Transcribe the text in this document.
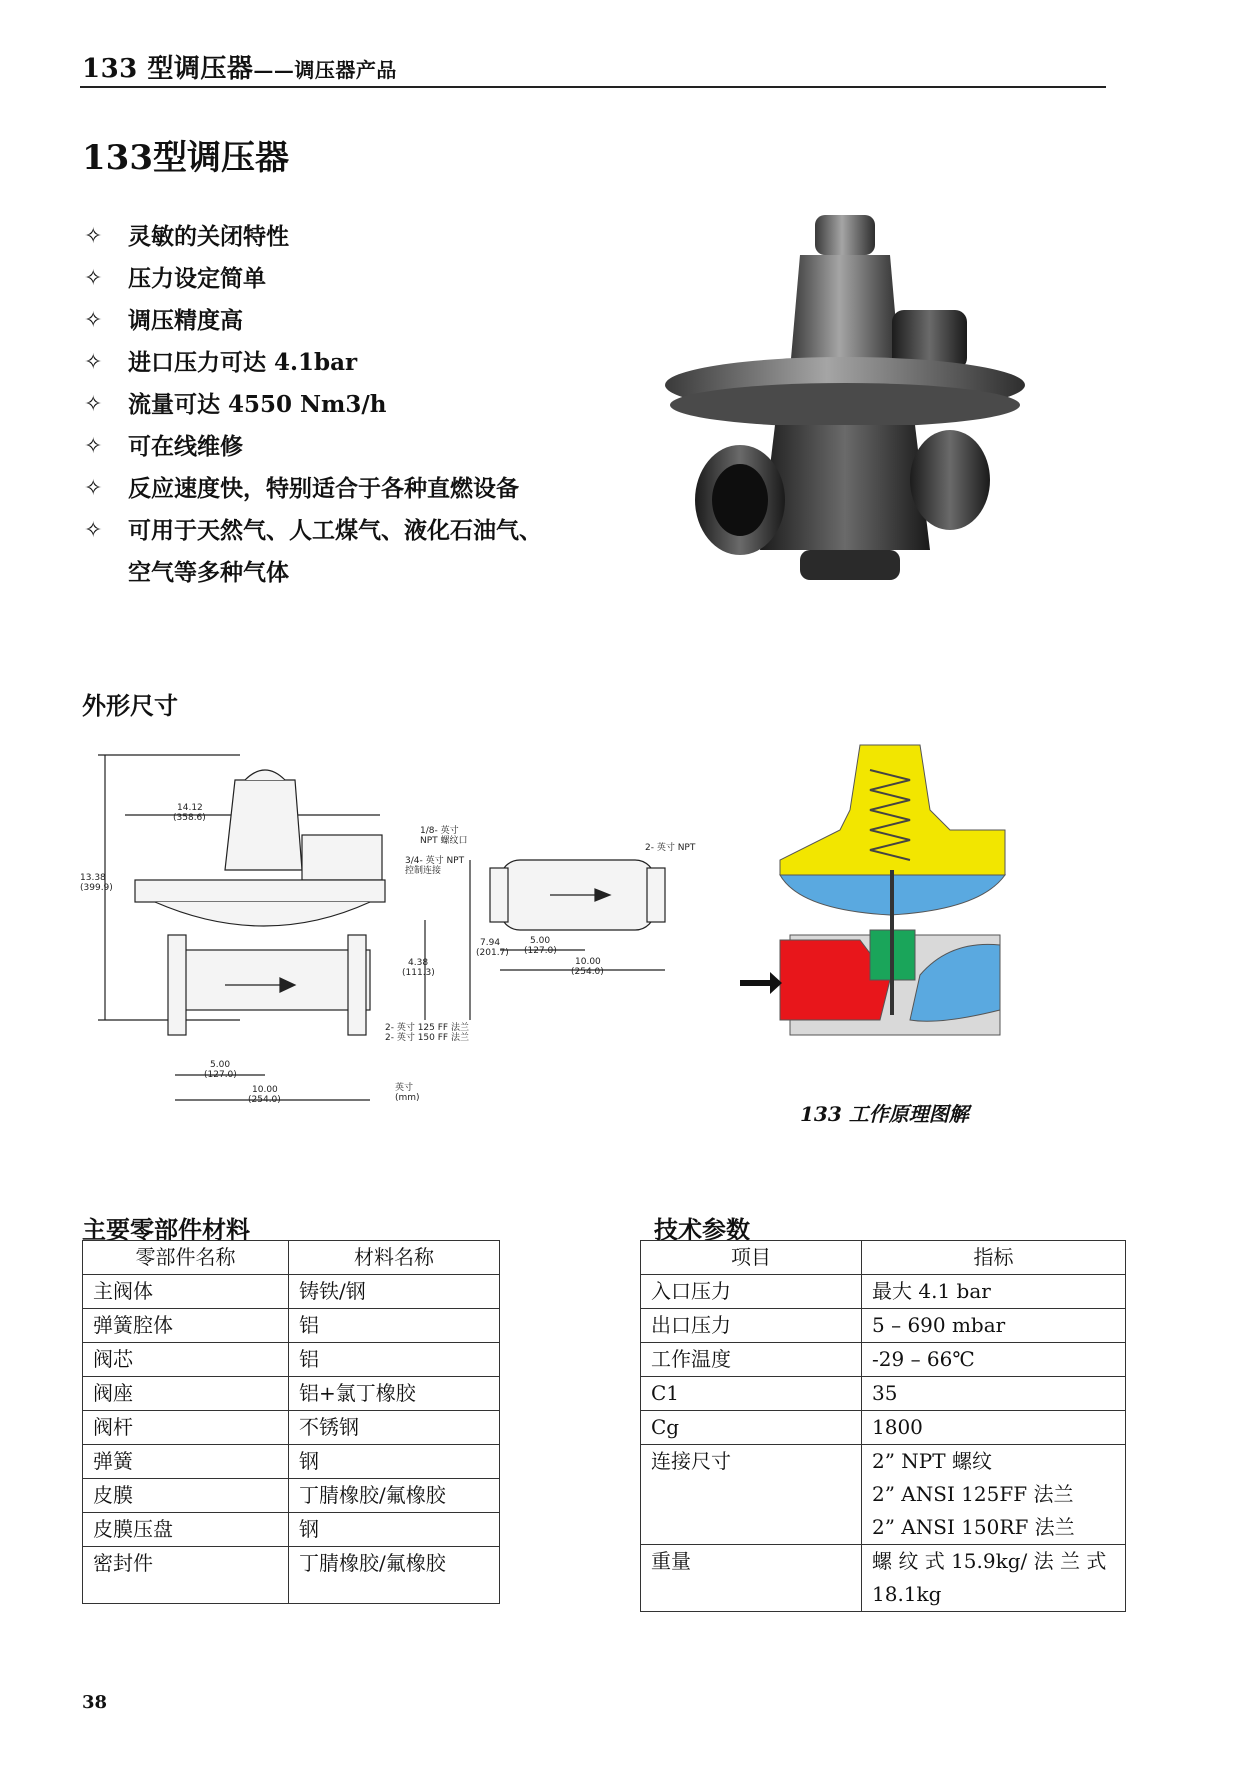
133 型调压器——调压器产品
133型调压器
✧ 灵敏的关闭特性
✧ 压力设定简单
✧ 调压精度高
✧ 进口压力可达 4.1bar
✧ 流量可达 4550 Nm3/h
✧ 可在线维修
✧ 反应速度快，特别适合于各种直燃设备
✧ 可用于天然气、人工煤气、液化石油气、
空气等多种气体
外形尺寸
14.12
(358.6)
13.38
(399.9)
1/8- 英寸
NPT 螺纹口
3/4- 英寸 NPT
控制连接
7.94
(201.7)
4.38
(111.3)
2- 英寸 125 FF 法兰
2- 英寸 150 FF 法兰
5.00
(127.0)
10.00
(254.0)
英寸
(mm)
2- 英寸 NPT
5.00
(127.0)
10.00
(254.0)
133 工作原理图解
主要零部件材料
零部件名称	材料名称
主阀体	铸铁/钢
弹簧腔体	铝
阀芯	铝
阀座	铝+氯丁橡胶
阀杆	不锈钢
弹簧	钢
皮膜	丁腈橡胶/氟橡胶
皮膜压盘	钢
密封件	丁腈橡胶/氟橡胶
技术参数
项目	指标
入口压力	最大 4.1 bar
出口压力	5 – 690 mbar
工作温度	-29 – 66℃
C1	35
Cg	1800
连接尺寸	2” NPT 螺纹
2” ANSI 125FF 法兰
2” ANSI 150RF 法兰

重量	螺 纹 式 15.9kg/ 法 兰 式
18.1kg
38
